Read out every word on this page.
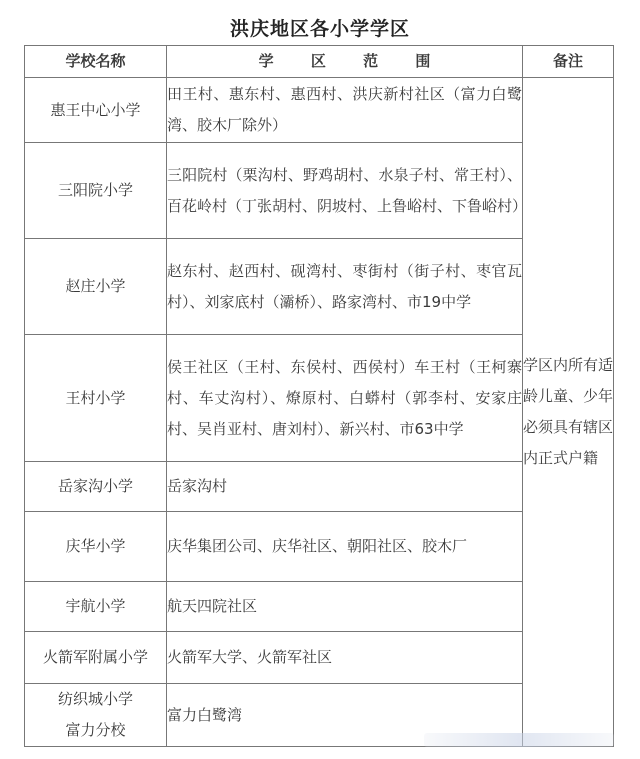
洪庆地区各小学学区
学校名称	学 区 范 围	备注

惠王中心小学	田王村、惠东村、惠西村、洪庆新村社区（富力白鹭湾、胶木厂除外）	学区内所有适龄儿童、少年必须具有辖区内正式户籍

三阳院小学	三阳院村（栗沟村、野鸡胡村、水泉子村、常王村）、百花岭村（丁张胡村、阴坡村、上鲁峪村、下鲁峪村）	

赵庄小学	赵东村、赵西村、砚湾村、枣街村（街子村、枣官瓦村）、刘家底村（灞桥）、路家湾村、市19中学	

王村小学	侯王社区（王村、东侯村、西侯村）车王村（王柯寨村、车丈沟村）、燎原村、白蟒村（郭李村、安家庄村、吴肖亚村、唐刘村）、新兴村、市63中学	

岳家沟小学	岳家沟村	

庆华小学	庆华集团公司、庆华社区、朝阳社区、胶木厂	

宇航小学	航天四院社区	

火箭军附属小学	火箭军大学、火箭军社区	

纺织城小学
富力分校	富力白鹭湾	
